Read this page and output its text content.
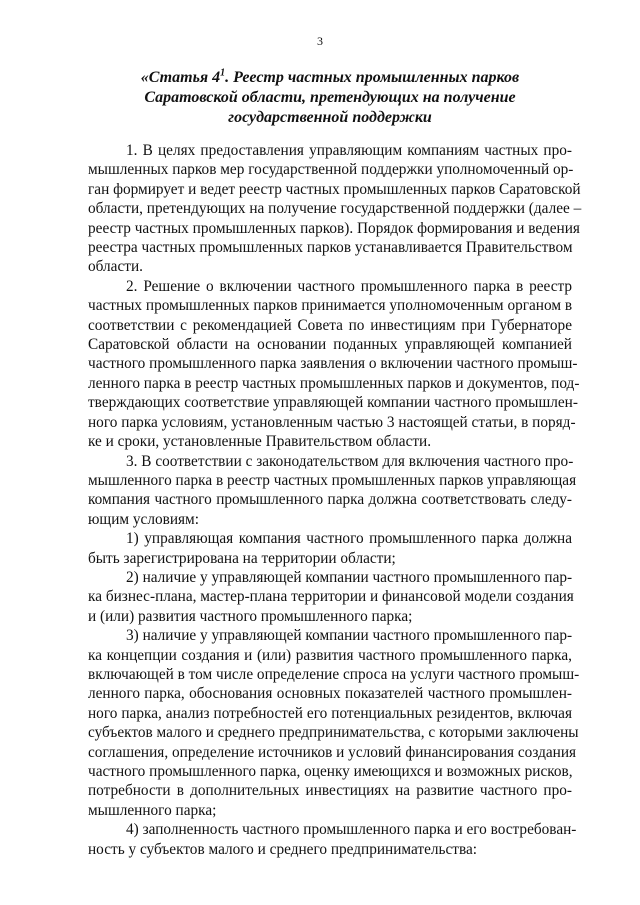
3
«Статья $4^1$. Реестр частных промышленных парков
Саратовской области, претендующих на получение
государственной поддержки

1. В целях предоставления управляющим компаниям частных про-
мышленных парков мер государственной поддержки уполномоченный ор-
ган формирует и ведет реестр частных промышленных парков Саратовской
области, претендующих на получение государственной поддержки (далее –
реестр частных промышленных парков). Порядок формирования и ведения
реестра частных промышленных парков устанавливается Правительством
области.

2. Решение о включении частного промышленного парка в реестр
частных промышленных парков принимается уполномоченным органом в
соответствии с рекомендацией Совета по инвестициям при Губернаторе
Саратовской области на основании поданных управляющей компанией
частного промышленного парка заявления о включении частного промыш-
ленного парка в реестр частных промышленных парков и документов, под-
тверждающих соответствие управляющей компании частного промышлен-
ного парка условиям, установленным частью 3 настоящей статьи, в поряд-
ке и сроки, установленные Правительством области.

3. В соответствии с законодательством для включения частного про-
мышленного парка в реестр частных промышленных парков управляющая
компания частного промышленного парка должна соответствовать следу-
ющим условиям:

1) управляющая компания частного промышленного парка должна
быть зарегистрирована на территории области;

2) наличие у управляющей компании частного промышленного пар-
ка бизнес-плана, мастер-плана территории и финансовой модели создания
и (или) развития частного промышленного парка;

3) наличие у управляющей компании частного промышленного пар-
ка концепции создания и (или) развития частного промышленного парка,
включающей в том числе определение спроса на услуги частного промыш-
ленного парка, обоснования основных показателей частного промышлен-
ного парка, анализ потребностей его потенциальных резидентов, включая
субъектов малого и среднего предпринимательства, с которыми заключены
соглашения, определение источников и условий финансирования создания
частного промышленного парка, оценку имеющихся и возможных рисков,
потребности в дополнительных инвестициях на развитие частного про-
мышленного парка;

4) заполненность частного промышленного парка и его востребован-
ность у субъектов малого и среднего предпринимательства:
